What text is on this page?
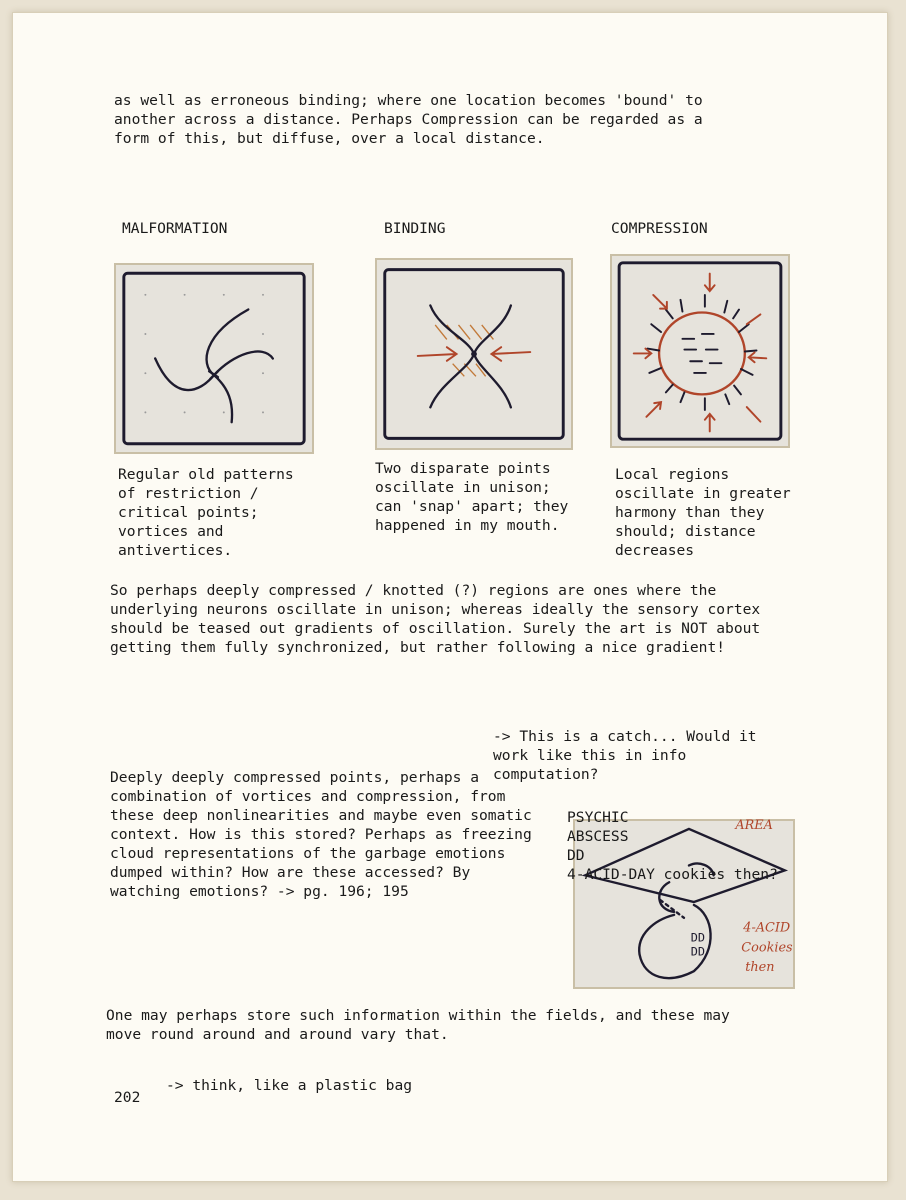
as well as erroneous binding; where one location becomes 'bound' to
another across a distance. Perhaps Compression can be regarded as a
form of this, but diffuse, over a local distance.

MALFORMATION	BINDING	COMPRESSION

Regular old patterns
of restriction /
critical points;
vortices and
antivertices.

Two disparate points
oscillate in unison;
can 'snap' apart; they
happened in my mouth.

Local regions
oscillate in greater
harmony than they
should; distance
decreases

So perhaps deeply compressed / knotted (?) regions are ones where the
underlying neurons oscillate in unison; whereas ideally the sensory cortex
should be teased out gradients of oscillation. Surely the art is NOT about
getting them fully synchronized, but rather following a nice gradient!

-> This is a catch... Would it
work like this in info
computation?

Deeply deeply compressed points, perhaps a
combination of vortices and compression, from
these deep nonlinearities and maybe even somatic
context. How is this stored? Perhaps as freezing
cloud representations of the garbage emotions
dumped within? How are these accessed? By
watching emotions? -> pg. 196; 195

AREA
DD DD
4-ACID
Cookies
then

PSYCHIC
ABSCESS
DD
4-ACID-DAY cookies then?

One may perhaps store such information within the fields, and these may
move round around and around vary that.

-> think, like a plastic bag

202
